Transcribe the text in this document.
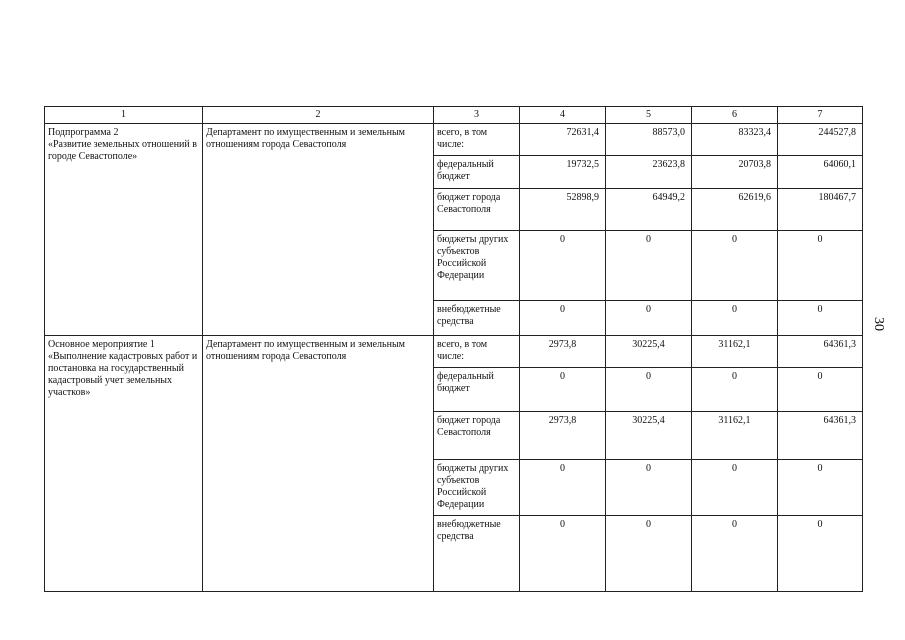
1	2	3	4	5	6	7
Подпрограмма 2
«Развитие земельных отношений в городе Севастополе»	Департамент по имущественным и земельным отношениям города Севастополя	всего, в том числе:	72631,4	88573,0	83323,4	244527,8
		федеральный бюджет	19732,5	23623,8	20703,8	64060,1
		бюджет города Севастополя	52898,9	64949,2	62619,6	180467,7
		бюджеты других субъектов Российской Федерации	0	0	0	0
		внебюджетные средства	0	0	0	0
Основное мероприятие 1
«Выполнение кадастровых работ и постановка на государственный кадастровый учет земельных участков»	Департамент по имущественным и земельным отношениям города Севастополя	всего, в том числе:	2973,8	30225,4	31162,1	64361,3
		федеральный бюджет	0	0	0	0
		бюджет города Севастополя	2973,8	30225,4	31162,1	64361,3
		бюджеты других субъектов Российской Федерации	0	0	0	0
		внебюджетные средства	0	0	0	0
30
